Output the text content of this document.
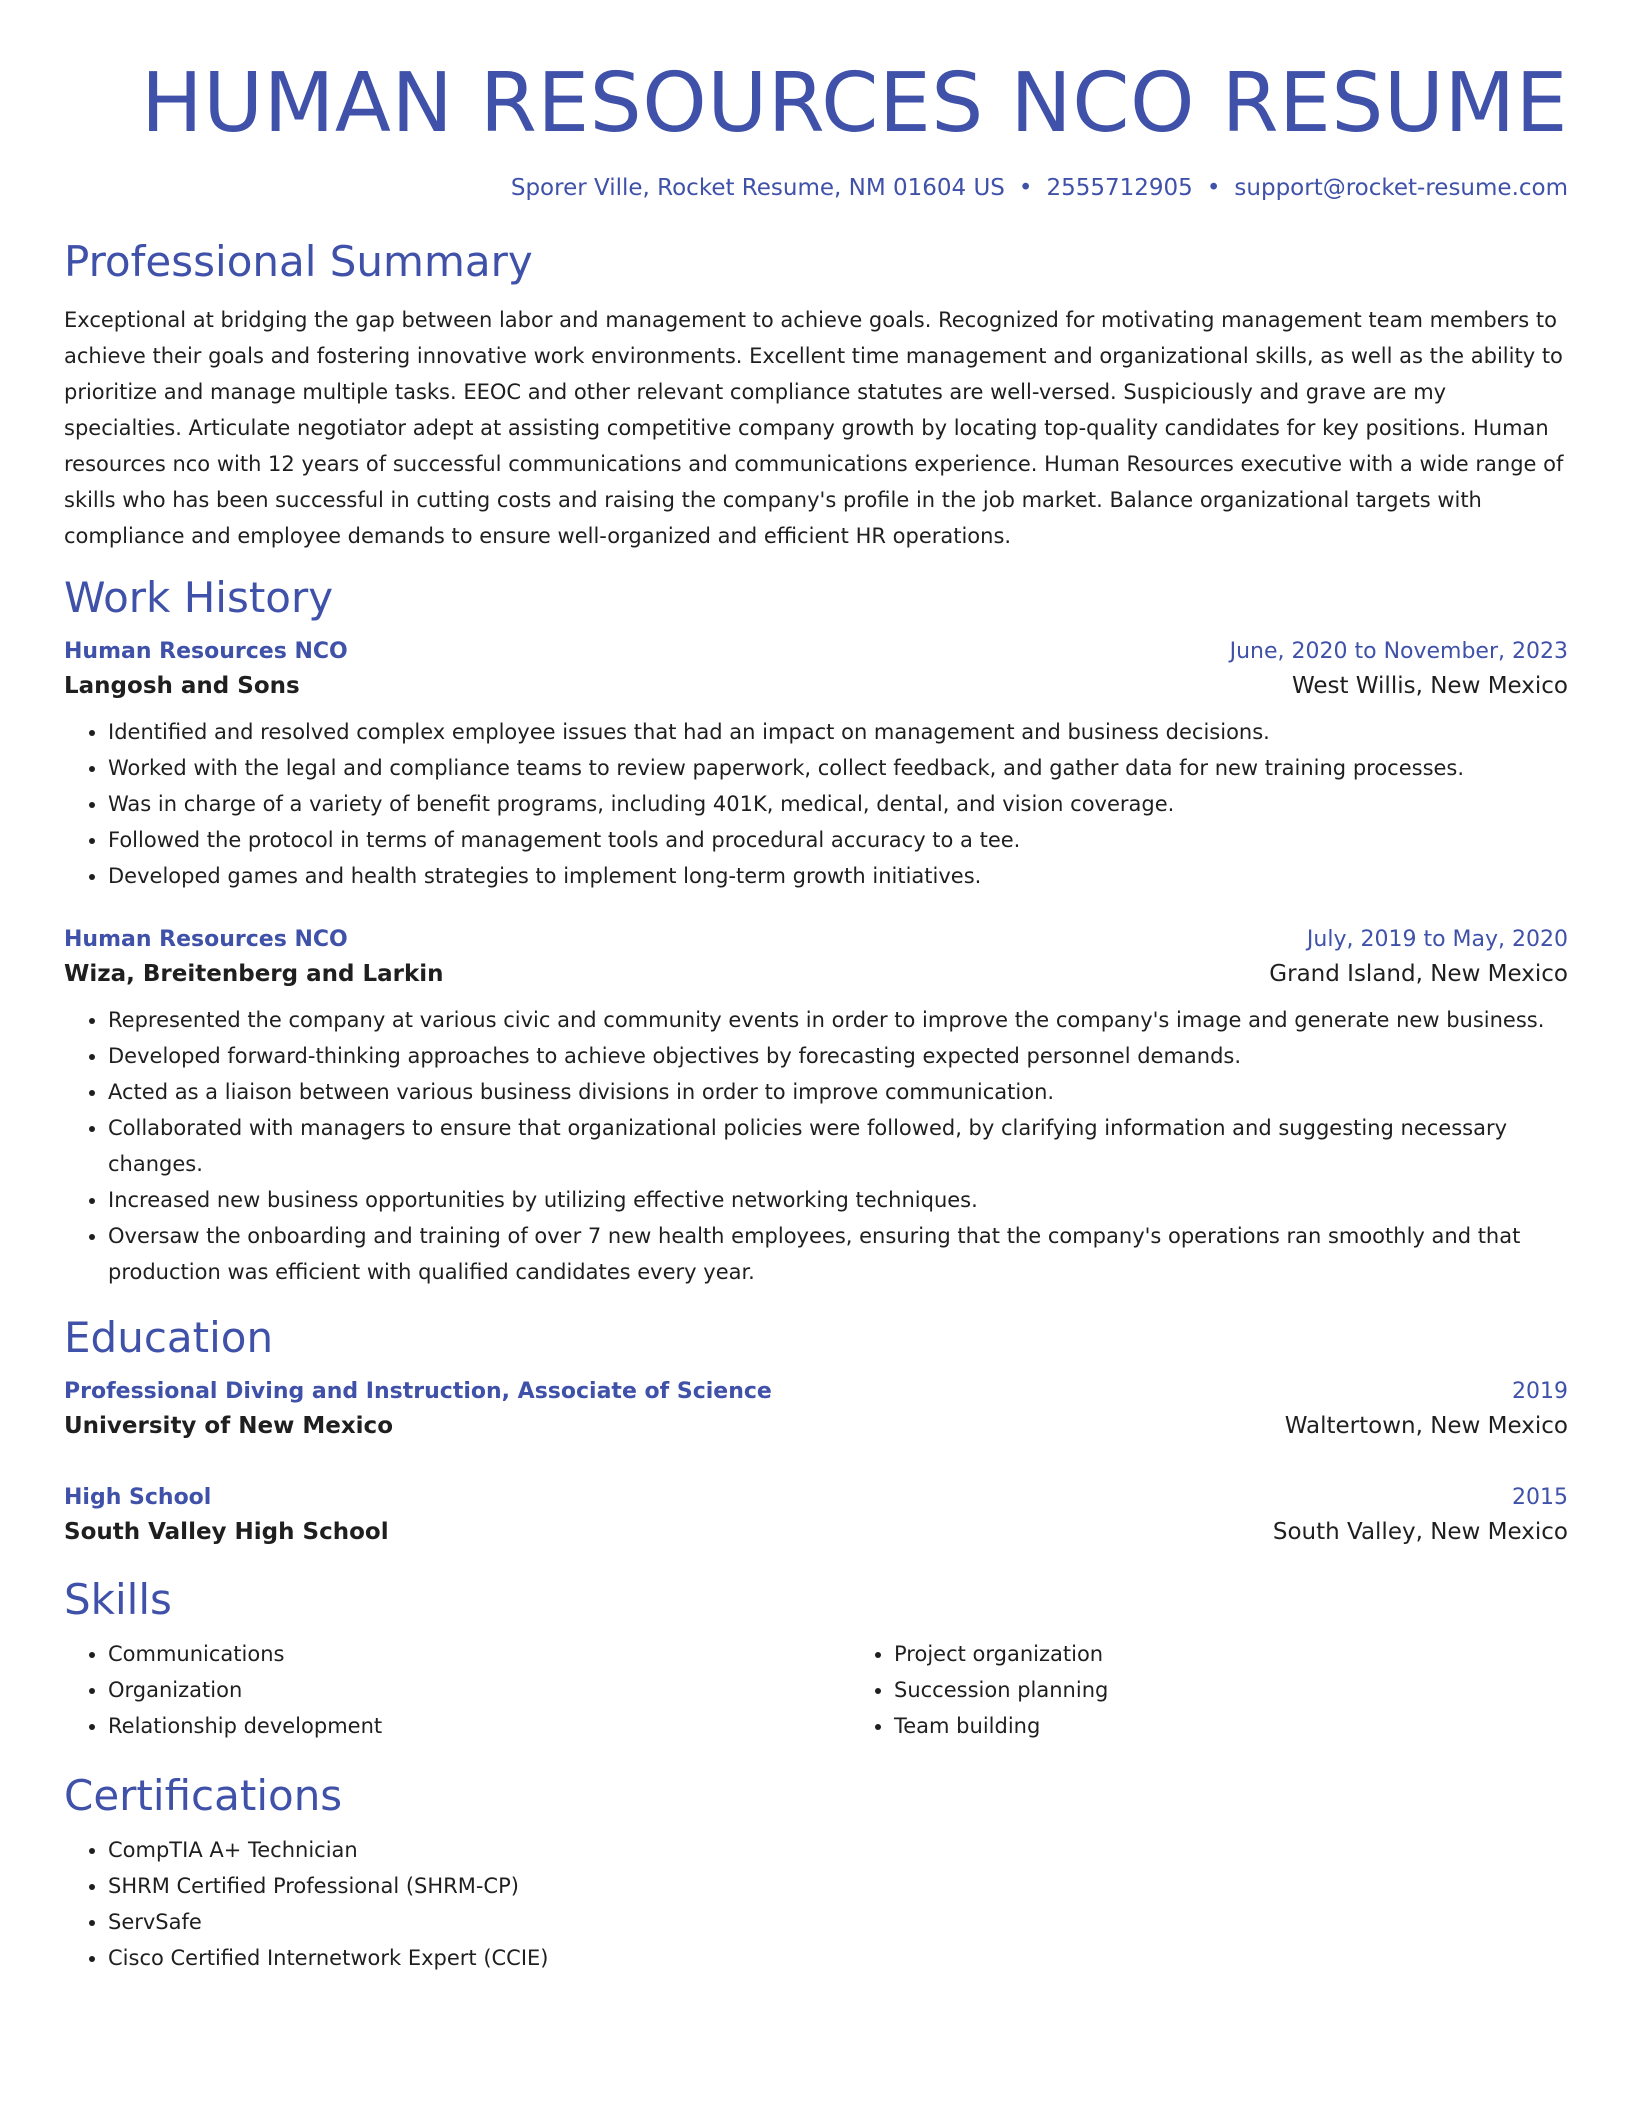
HUMAN RESOURCES NCO RESUME
Sporer Ville, Rocket Resume, NM 01604 US • 2555712905 • support@rocket-resume.com
Professional Summary

Exceptional at bridging the gap between labor and management to achieve goals. Recognized for motivating management team members to achieve their goals and fostering innovative work environments. Excellent time management and organizational skills, as well as the ability to prioritize and manage multiple tasks. EEOC and other relevant compliance statutes are well-versed. Suspiciously and grave are my specialties. Articulate negotiator adept at assisting competitive company growth by locating top-quality candidates for key positions. Human resources nco with 12 years of successful communications and communications experience. Human Resources executive with a wide range of skills who has been successful in cutting costs and raising the company's profile in the job market. Balance organizational targets with compliance and employee demands to ensure well-organized and efficient HR operations.

Work History
Human Resources NCO	June, 2020 to November, 2023
Langosh and Sons	West Willis, New Mexico
• Identified and resolved complex employee issues that had an impact on management and business decisions.
• Worked with the legal and compliance teams to review paperwork, collect feedback, and gather data for new training processes.
• Was in charge of a variety of benefit programs, including 401K, medical, dental, and vision coverage.
• Followed the protocol in terms of management tools and procedural accuracy to a tee.
• Developed games and health strategies to implement long-term growth initiatives.
Human Resources NCO	July, 2019 to May, 2020
Wiza, Breitenberg and Larkin	Grand Island, New Mexico
• Represented the company at various civic and community events in order to improve the company's image and generate new business.
• Developed forward-thinking approaches to achieve objectives by forecasting expected personnel demands.
• Acted as a liaison between various business divisions in order to improve communication.
• Collaborated with managers to ensure that organizational policies were followed, by clarifying information and suggesting necessary changes.
• Increased new business opportunities by utilizing effective networking techniques.
• Oversaw the onboarding and training of over 7 new health employees, ensuring that the company's operations ran smoothly and that production was efficient with qualified candidates every year.
Education
Professional Diving and Instruction, Associate of Science	2019
University of New Mexico	Waltertown, New Mexico
High School	2015
South Valley High School	South Valley, New Mexico
Skills
• Communications
• Organization
• Relationship development
• Project organization
• Succession planning
• Team building
Certifications
• CompTIA A+ Technician
• SHRM Certified Professional (SHRM-CP)
• ServSafe
• Cisco Certified Internetwork Expert (CCIE)
